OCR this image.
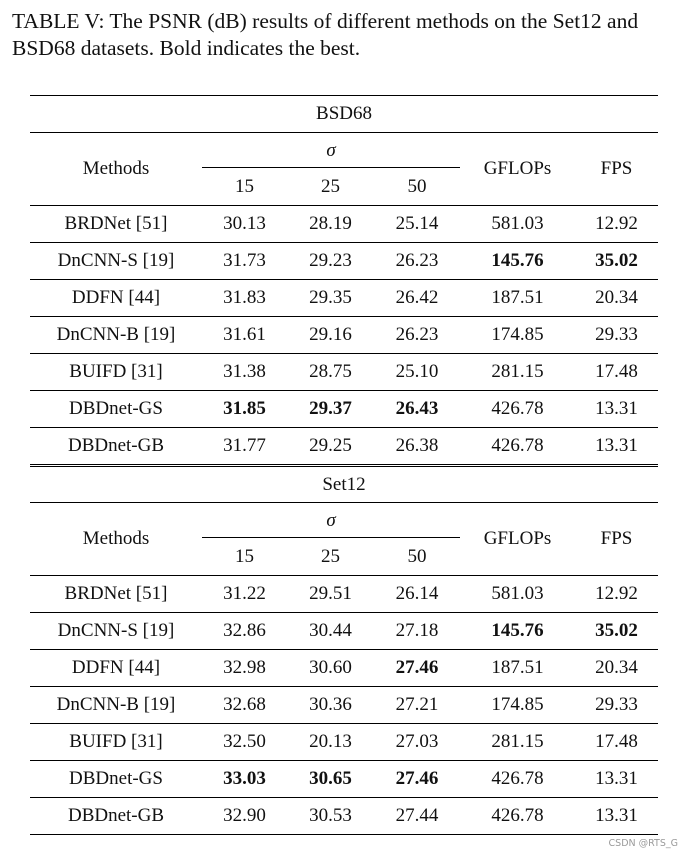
TABLE V: The PSNR (dB) results of different methods on the Set12 and BSD68 datasets. Bold indicates the best.

BSD68					
Methods	σ			GFLOPs	FPS
	15	25	50		
BRDNet [51]	30.13	28.19	25.14	581.03	12.92
DnCNN-S [19]	31.73	29.23	26.23	145.76	35.02
DDFN [44]	31.83	29.35	26.42	187.51	20.34
DnCNN-B [19]	31.61	29.16	26.23	174.85	29.33
BUIFD [31]	31.38	28.75	25.10	281.15	17.48
DBDnet-GS	31.85	29.37	26.43	426.78	13.31
DBDnet-GB	31.77	29.25	26.38	426.78	13.31
Set12					
Methods	σ			GFLOPs	FPS
	15	25	50		
BRDNet [51]	31.22	29.51	26.14	581.03	12.92
DnCNN-S [19]	32.86	30.44	27.18	145.76	35.02
DDFN [44]	32.98	30.60	27.46	187.51	20.34
DnCNN-B [19]	32.68	30.36	27.21	174.85	29.33
BUIFD [31]	32.50	20.13	27.03	281.15	17.48
DBDnet-GS	33.03	30.65	27.46	426.78	13.31
DBDnet-GB	32.90	30.53	27.44	426.78	13.31
CSDN @RTS_G
